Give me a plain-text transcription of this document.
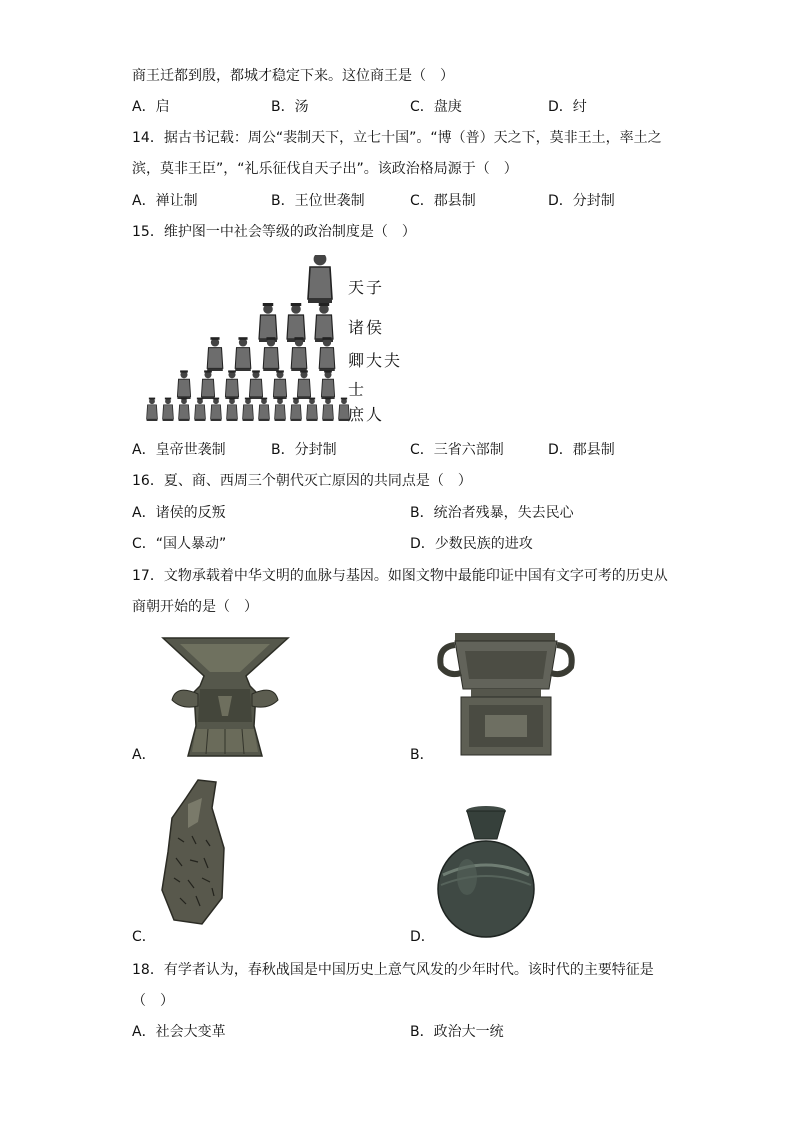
商王迁都到殷，都城才稳定下来。这位商王是（　）
A．启	B．汤	C．盘庚	D．纣
14．据古书记载：周公“裴制天下，立七十国”。“博（普）天之下，莫非王土，率土之
滨，莫非王臣”，“礼乐征伐自天子出”。该政治格局源于（　）
A．禅让制	B．王位世袭制	C．郡县制	D．分封制
15．维护图一中社会等级的政治制度是（　）
天子
诸侯
卿大夫
士
庶人
A．皇帝世袭制	B．分封制	C．三省六部制	D．郡县制
16．夏、商、西周三个朝代灭亡原因的共同点是（　）
A．诸侯的反叛	B．统治者残暴，失去民心
C．“国人暴动”	D．少数民族的进攻
17．文物承载着中华文明的血脉与基因。如图文物中最能印证中国有文字可考的历史从
商朝开始的是（　）
A．	B．
C．	D．
18．有学者认为，春秋战国是中国历史上意气风发的少年时代。该时代的主要特征是
（　）
A．社会大变革	B．政治大一统
